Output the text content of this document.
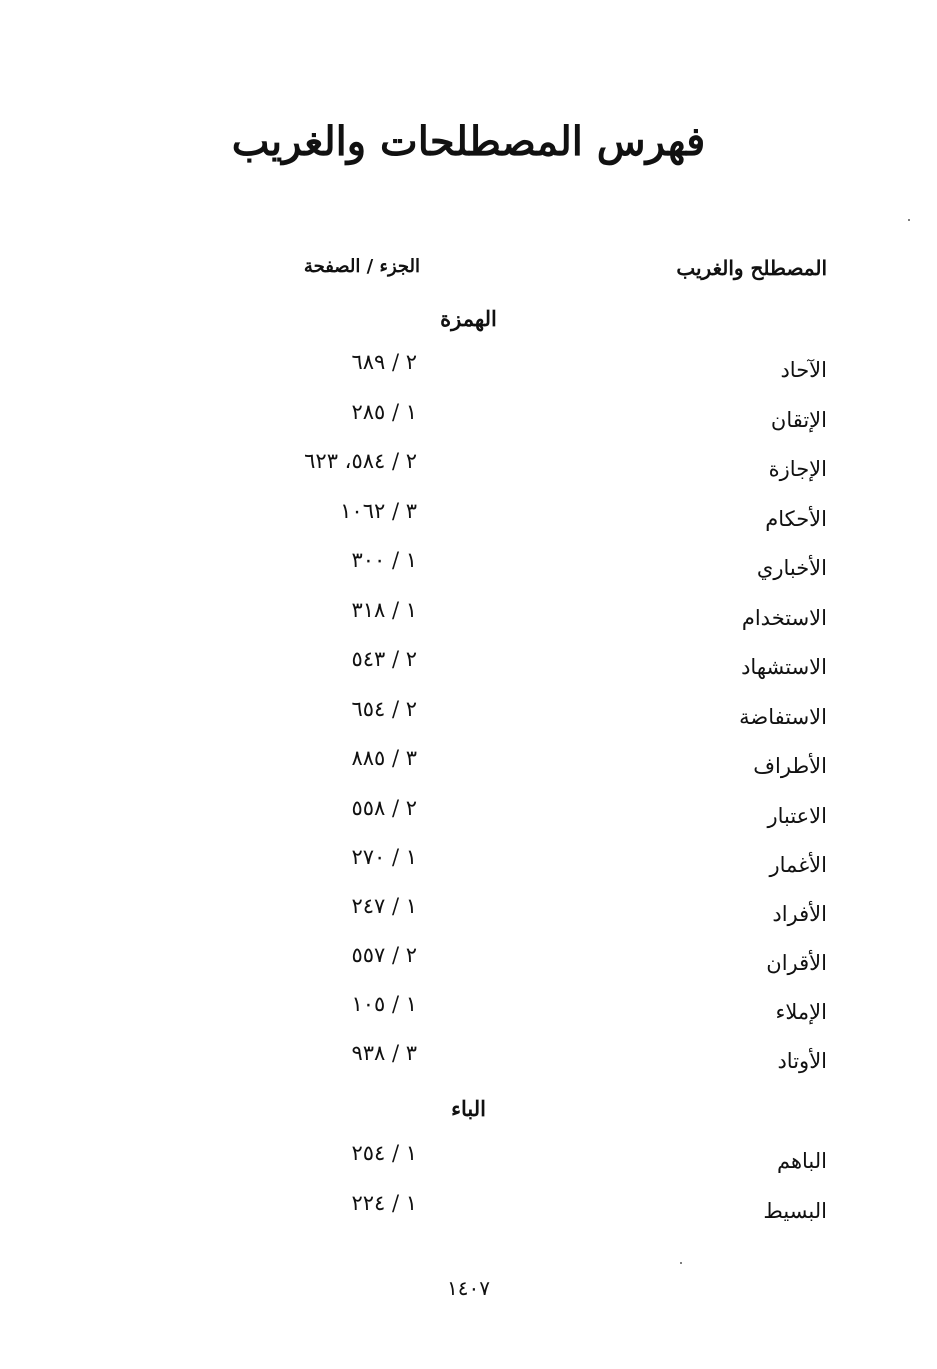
فهرس المصطلحات والغريب
المصطلح والغريب
الجزء / الصفحة
الهمزة
الآحاد
٢ / ٦٨٩
الإتقان
١ / ٢٨٥
الإجازة
٢ / ٥٨٤، ٦٢٣
الأحكام
٣ / ١٠٦٢
الأخباري
١ / ٣٠٠
الاستخدام
١ / ٣١٨
الاستشهاد
٢ / ٥٤٣
الاستفاضة
٢ / ٦٥٤
الأطراف
٣ / ٨٨٥
الاعتبار
٢ / ٥٥٨
الأغمار
١ / ٢٧٠
الأفراد
١ / ٢٤٧
الأقران
٢ / ٥٥٧
الإملاء
١ / ١٠٥
الأوتاد
٣ / ٩٣٨
الباء
الباهم
١ / ٢٥٤
البسيط
١ / ٢٢٤
١٤٠٧
